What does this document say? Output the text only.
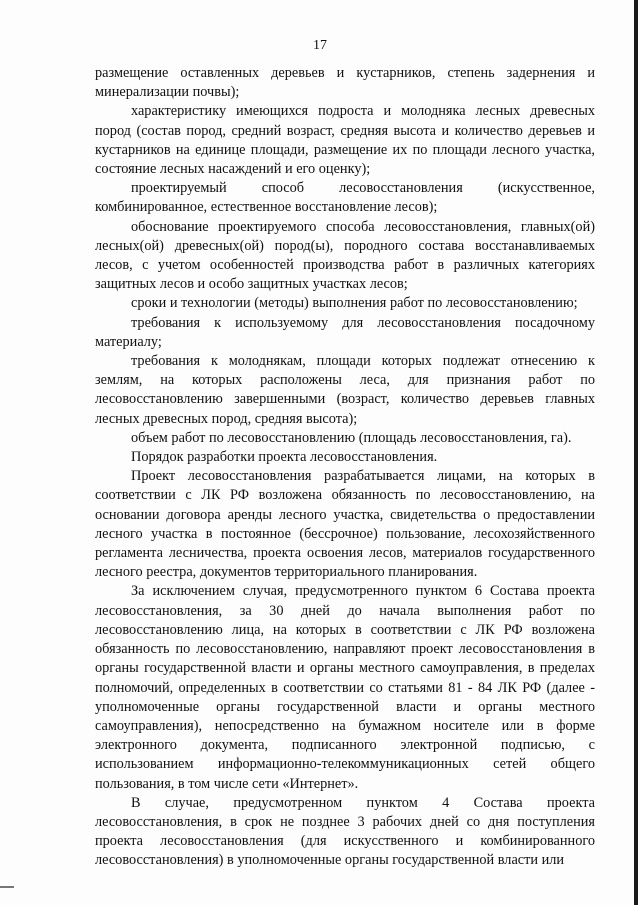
17

размещение оставленных деревьев и кустарников, степень задернения и минерализации почвы);

характеристику имеющихся подроста и молодняка лесных древесных пород (состав пород, средний возраст, средняя высота и количество деревьев и кустарников на единице площади, размещение их по площади лесного участка, состояние лесных насаждений и его оценку);

проектируемый способ лесовосстановления (искусственное, комбинированное, естественное восстановление лесов);

обоснование проектируемого способа лесовосстановления, главных(ой) лесных(ой) древесных(ой) пород(ы), породного состава восстанавливаемых лесов, с учетом особенностей производства работ в различных категориях защитных лесов и особо защитных участках лесов;

сроки и технологии (методы) выполнения работ по лесовосстановлению;

требования к используемому для лесовосстановления посадочному материалу;

требования к молоднякам, площади которых подлежат отнесению к землям, на которых расположены леса, для признания работ по лесовосстановлению завершенными (возраст, количество деревьев главных лесных древесных пород, средняя высота);

объем работ по лесовосстановлению (площадь лесовосстановления, га).

Порядок разработки проекта лесовосстановления.

Проект лесовосстановления разрабатывается лицами, на которых в соответствии с ЛК РФ возложена обязанность по лесовосстановлению, на основании договора аренды лесного участка, свидетельства о предоставлении лесного участка в постоянное (бессрочное) пользование, лесохозяйственного регламента лесничества, проекта освоения лесов, материалов государственного лесного реестра, документов территориального планирования.

За исключением случая, предусмотренного пунктом 6 Состава проекта лесовосстановления, за 30 дней до начала выполнения работ по лесовосстановлению лица, на которых в соответствии с ЛК РФ возложена обязанность по лесовосстановлению, направляют проект лесовосстановления в органы государственной власти и органы местного самоуправления, в пределах полномочий, определенных в соответствии со статьями 81 - 84 ЛК РФ (далее - уполномоченные органы государственной власти и органы местного самоуправления), непосредственно на бумажном носителе или в форме электронного документа, подписанного электронной подписью, с использованием информационно-телекоммуникационных сетей общего пользования, в том числе сети «Интернет».

В случае, предусмотренном пунктом 4 Состава проекта лесовосстановления, в срок не позднее 3 рабочих дней со дня поступления проекта лесовосстановления (для искусственного и комбинированного лесовосстановления) в уполномоченные органы государственной власти или
